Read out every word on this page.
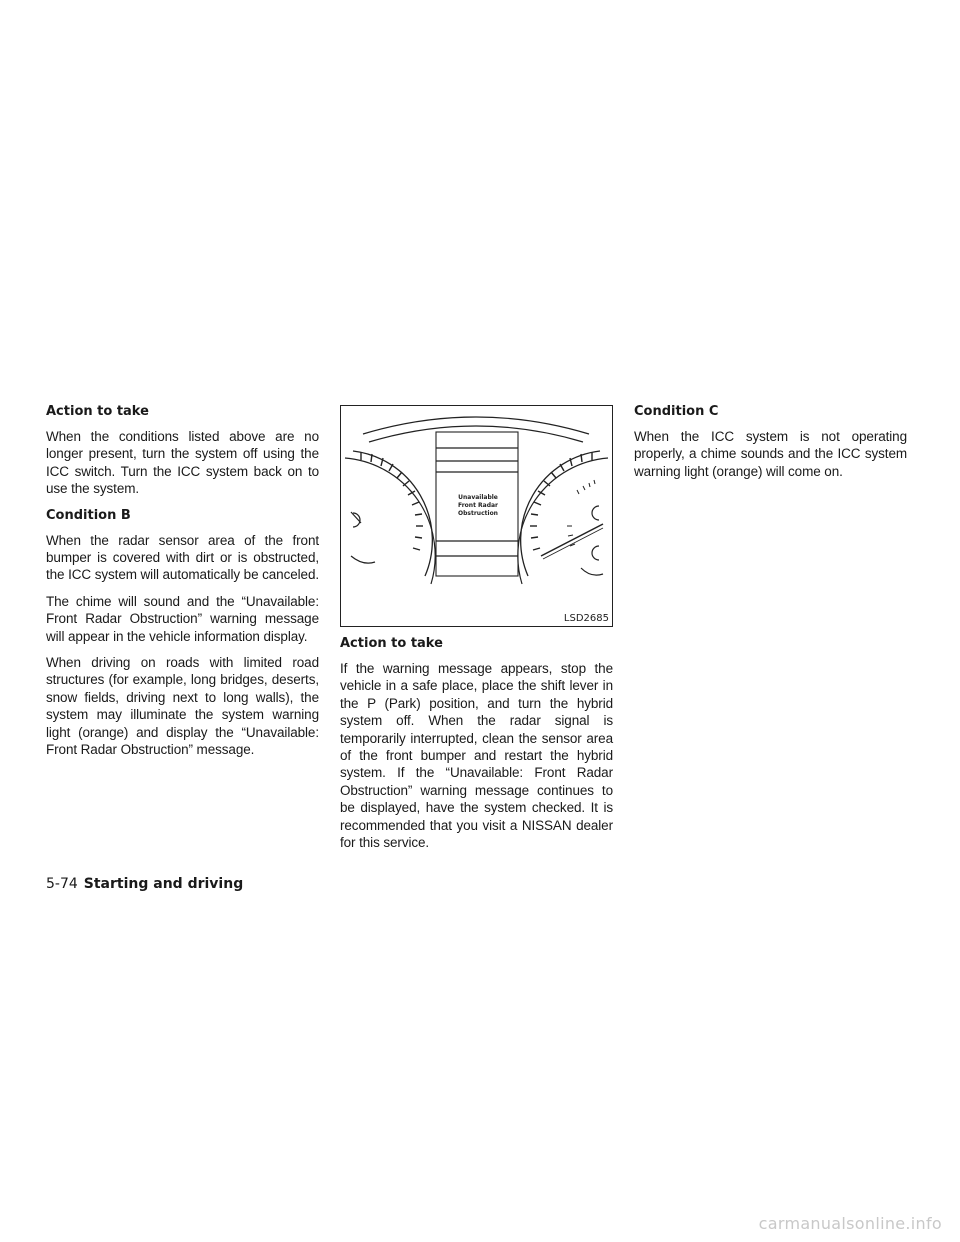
Action to take

When the conditions listed above are no longer present, turn the system off using the ICC switch. Turn the ICC system back on to use the system.

Condition B

When the radar sensor area of the front bumper is covered with dirt or is obstructed, the ICC system will automatically be canceled.

The chime will sound and the “Unavailable: Front Radar Obstruction” warning message will appear in the vehicle information display.

When driving on roads with limited road structures (for example, long bridges, deserts, snow fields, driving next to long walls), the system may illuminate the system warning light (orange) and display the “Unavailable: Front Radar Obstruction” message.

Unavailable
Front Radar Obstruction
LSD2685
Action to take

If the warning message appears, stop the vehicle in a safe place, place the shift lever in the P (Park) position, and turn the hybrid system off. When the radar signal is temporarily interrupted, clean the sensor area of the front bumper and restart the hybrid system. If the “Unavailable: Front Radar Obstruction” warning message continues to be displayed, have the system checked. It is recommended that you visit a NISSAN dealer for this service.

Condition C

When the ICC system is not operating properly, a chime sounds and the ICC system warning light (orange) will come on.

5-74 Starting and driving
carmanualsonline.info
